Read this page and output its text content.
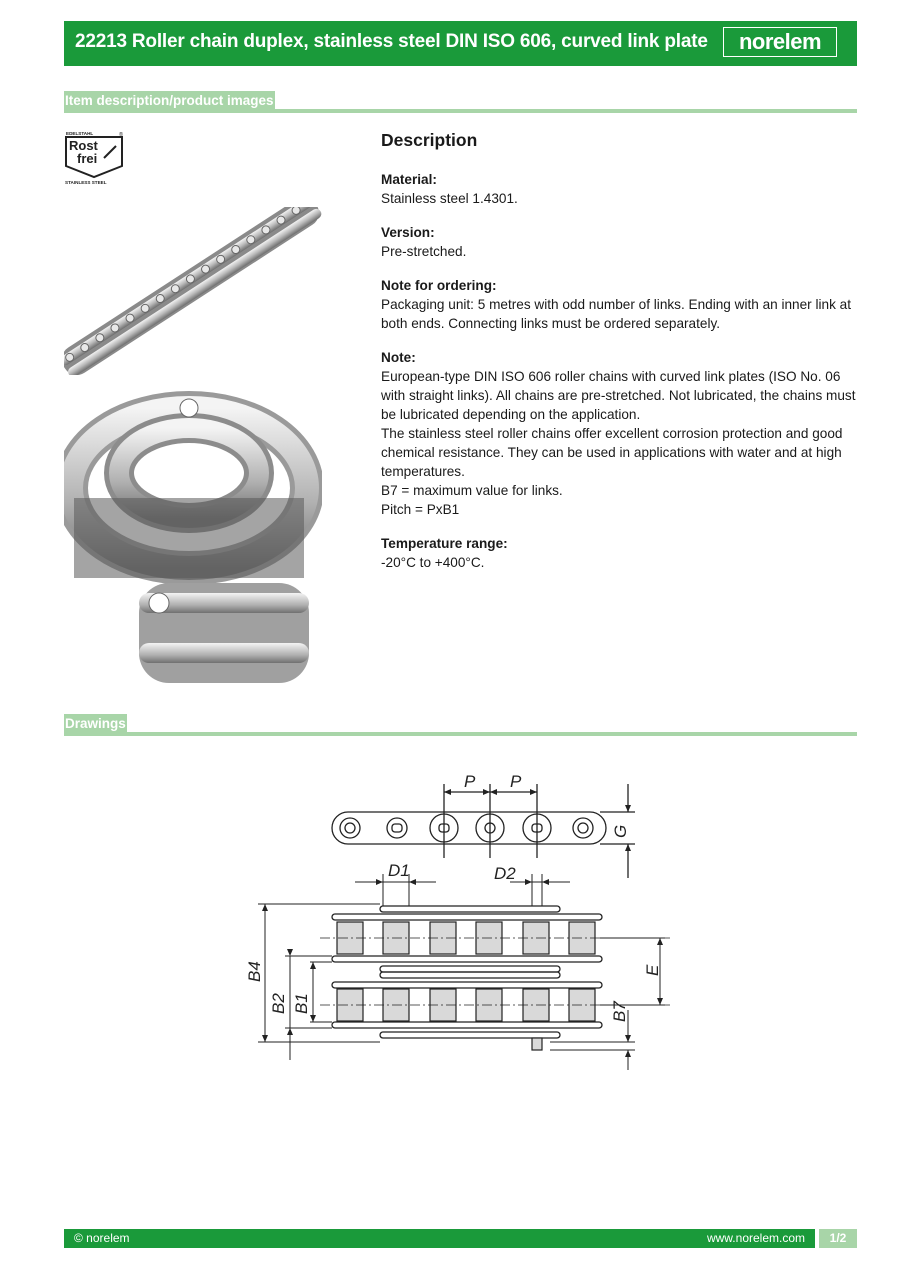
22213 Roller chain duplex, stainless steel DIN ISO 606, curved link plate	norelem
Item description/product images
EDELSTAHL	®
Rost
frei
STAINLESS STEEL
Description
Material:
Stainless steel 1.4301.
Version:
Pre-stretched.
Note for ordering:
Packaging unit: 5 metres with odd number of links. Ending with an inner link at both ends. Connecting links must be ordered separately.
Note:
European-type DIN ISO 606 roller chains with curved link plates (ISO No. 06 with straight links). All chains are pre-stretched. Not lubricated, the chains must be lubricated depending on the application.
The stainless steel roller chains offer excellent corrosion protection and good chemical resistance. They can be used in applications with water and at high temperatures.
B7 = maximum value for links.
Pitch = PxB1
Temperature range:
-20°C to +400°C.
Drawings
P P
G
D1	D2
B4
B2 B1
E
B7
© norelem	www.norelem.com	1/2
